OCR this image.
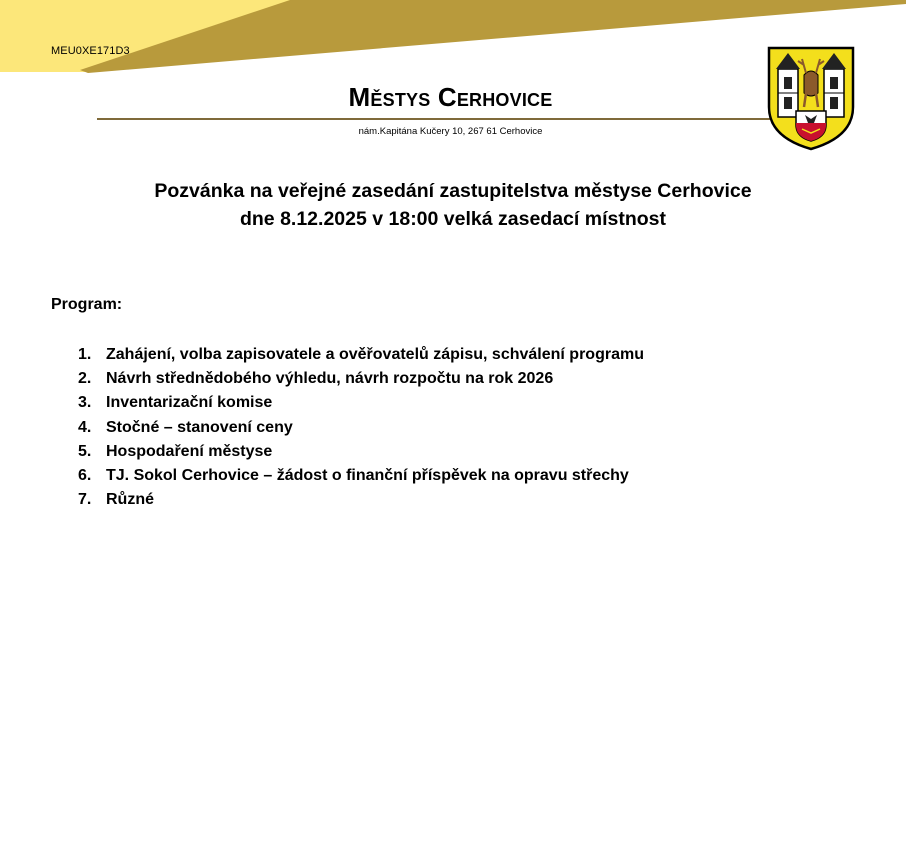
MEU0XE171D3
Městys Cerhovice
nám.Kapitána Kučery 10, 267 61 Cerhovice
Pozvánka na veřejné zasedání zastupitelstva městyse Cerhovice
dne 8.12.2025 v 18:00 velká zasedací místnost
Program:
1. Zahájení, volba zapisovatele a ověřovatelů zápisu, schválení programu
2. Návrh střednědobého výhledu, návrh rozpočtu na rok 2026
3. Inventarizační komise
4. Stočné – stanovení ceny
5. Hospodaření městyse
6. TJ. Sokol Cerhovice – žádost o finanční příspěvek na opravu střechy
7. Různé
